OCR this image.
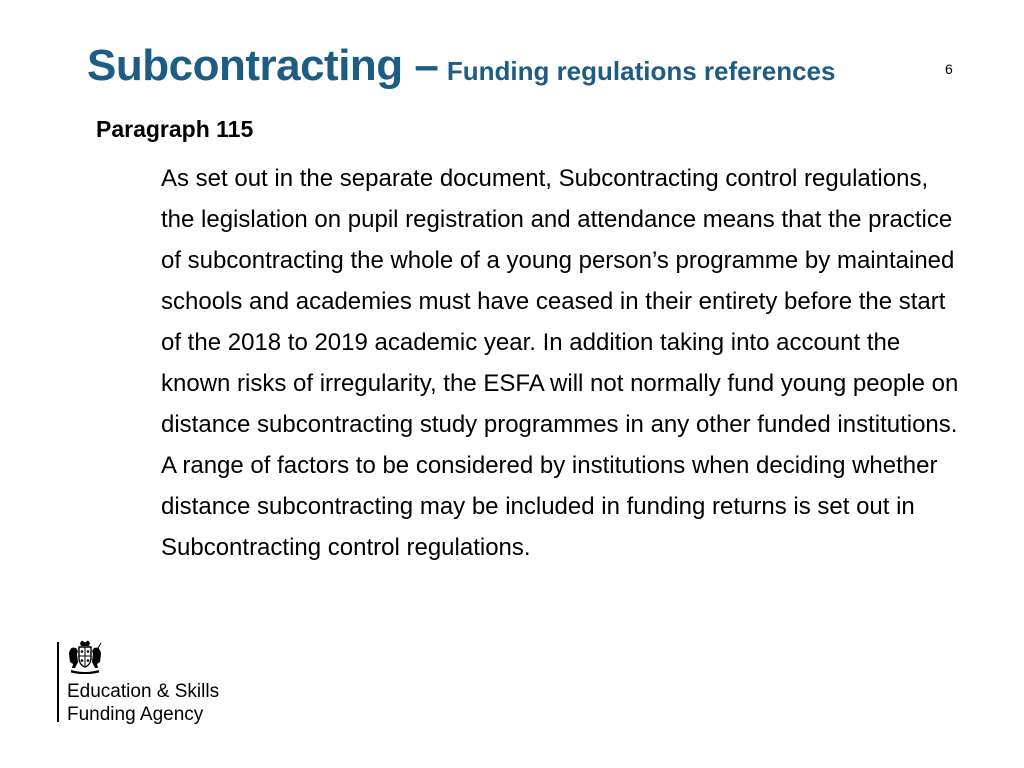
Subcontracting – Funding regulations references	6
Paragraph 115
As set out in the separate document, Subcontracting control regulations, the legislation on pupil registration and attendance means that the practice of subcontracting the whole of a young person’s programme by maintained schools and academies must have ceased in their entirety before the start of the 2018 to 2019 academic year. In addition taking into account the known risks of irregularity, the ESFA will not normally fund young people on distance subcontracting study programmes in any other funded institutions. A range of factors to be considered by institutions when deciding whether distance subcontracting may be included in funding returns is set out in Subcontracting control regulations.
Education & Skills
Funding Agency
